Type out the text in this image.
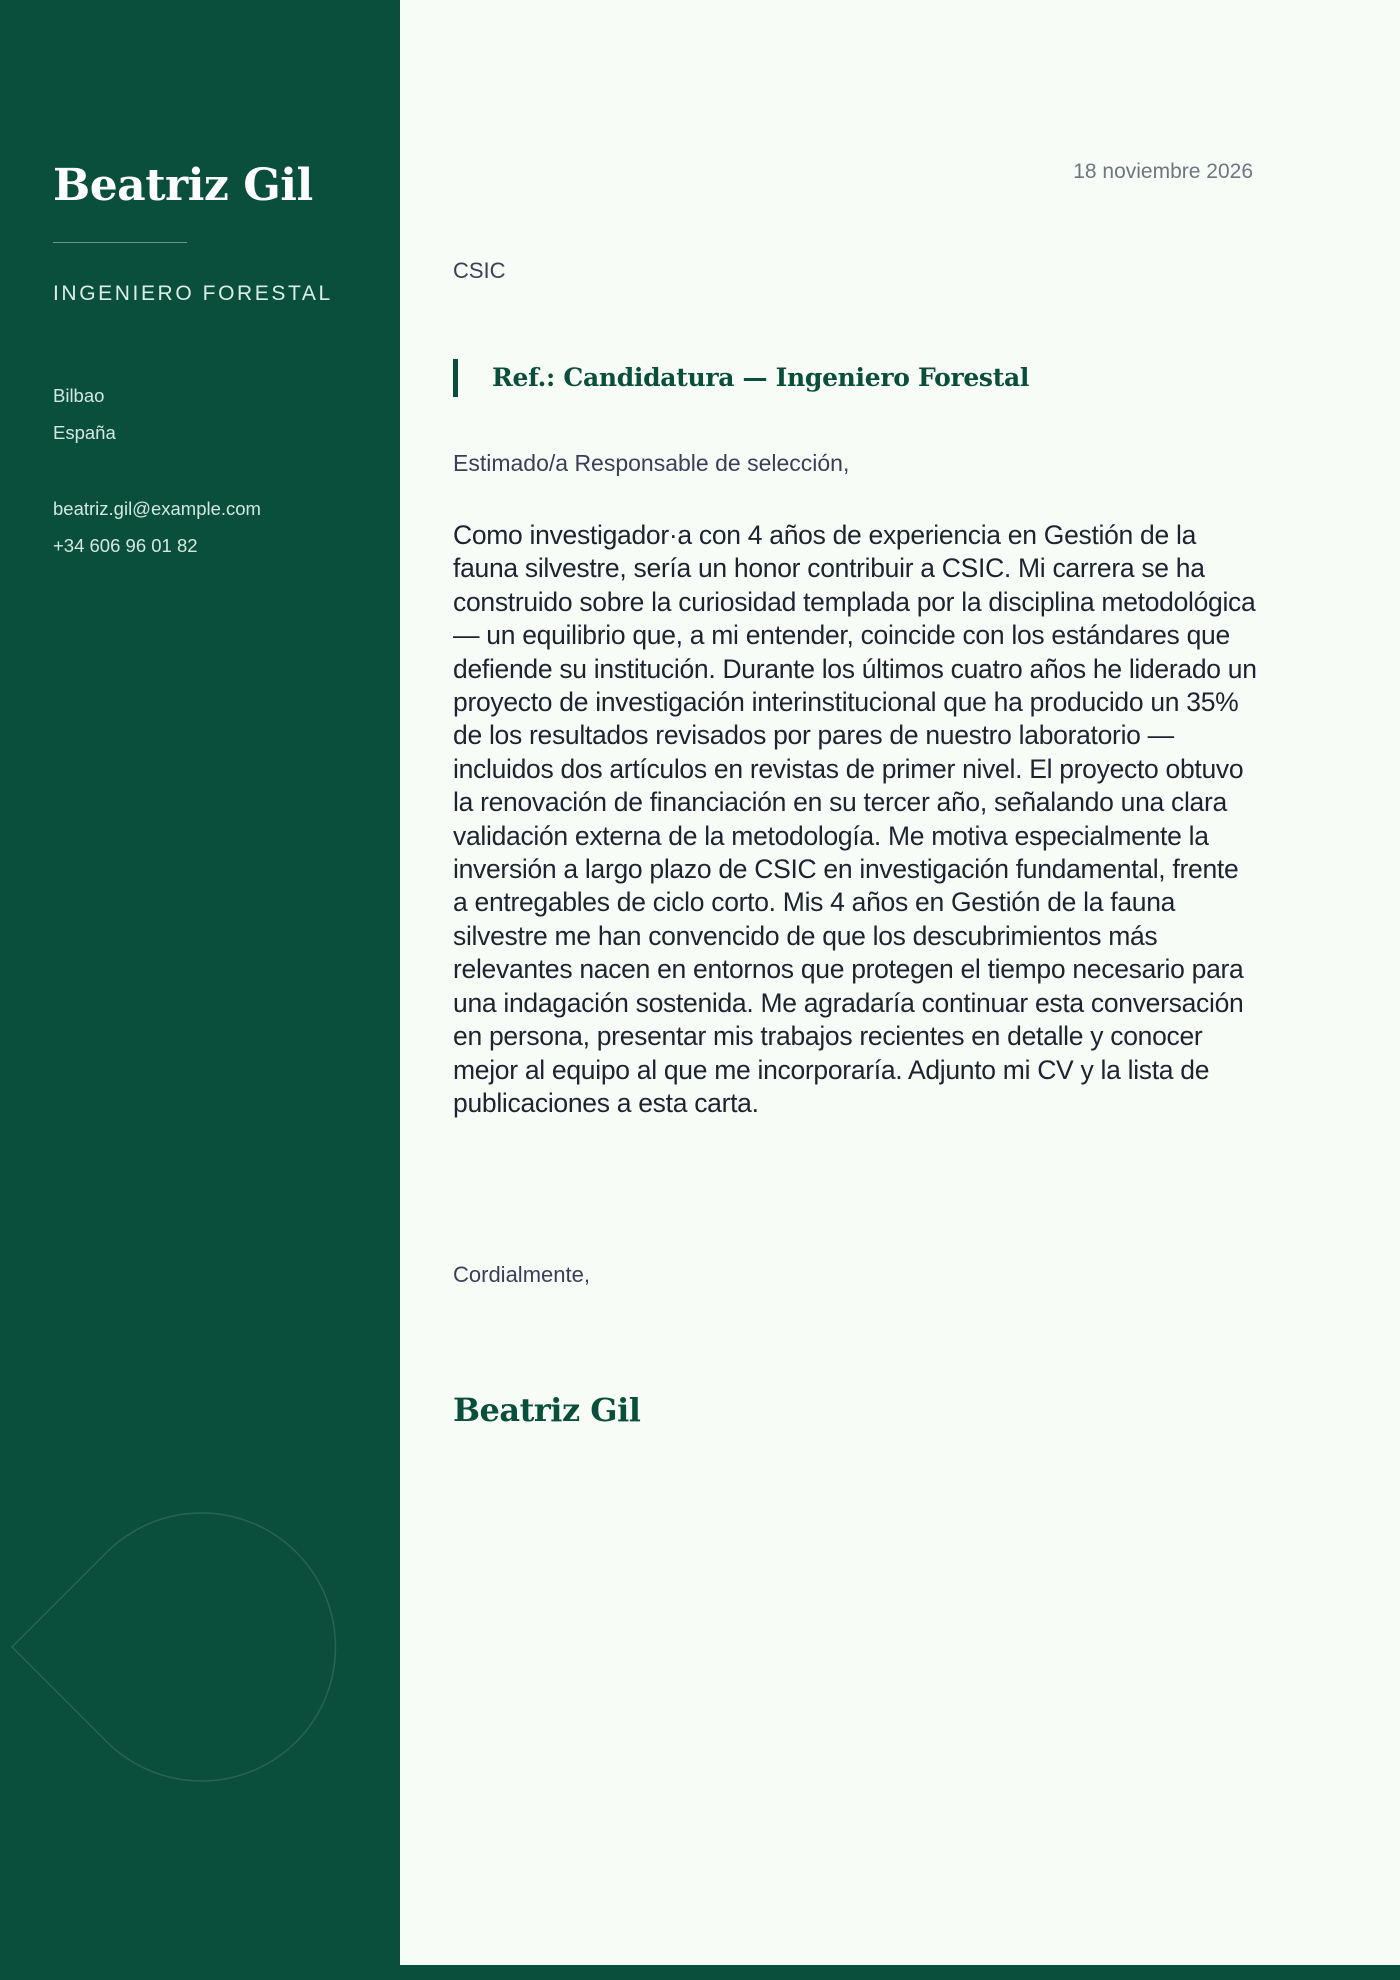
Beatriz Gil
INGENIERO FORESTAL
Bilbao
España
beatriz.gil@example.com
+34 606 96 01 82
18 noviembre 2026
CSIC
Ref.: Candidatura — Ingeniero Forestal
Estimado/a Responsable de selección,

Como investigador·a con 4 años de experiencia en Gestión de la fauna silvestre, sería un honor contribuir a CSIC. Mi carrera se ha construido sobre la curiosidad templada por la disciplina metodológica — un equilibrio que, a mi entender, coincide con los estándares que defiende su institución. Durante los últimos cuatro años he liderado un proyecto de investigación interinstitucional que ha producido un 35% de los resultados revisados por pares de nuestro laboratorio — incluidos dos artículos en revistas de primer nivel. El proyecto obtuvo la renovación de financiación en su tercer año, señalando una clara validación externa de la metodología. Me motiva especialmente la inversión a largo plazo de CSIC en investigación fundamental, frente a entregables de ciclo corto. Mis 4 años en Gestión de la fauna silvestre me han convencido de que los descubrimientos más relevantes nacen en entornos que protegen el tiempo necesario para una indagación sostenida. Me agradaría continuar esta conversación en persona, presentar mis trabajos recientes en detalle y conocer mejor al equipo al que me incorporaría. Adjunto mi CV y la lista de publicaciones a esta carta.

Cordialmente,
Beatriz Gil
